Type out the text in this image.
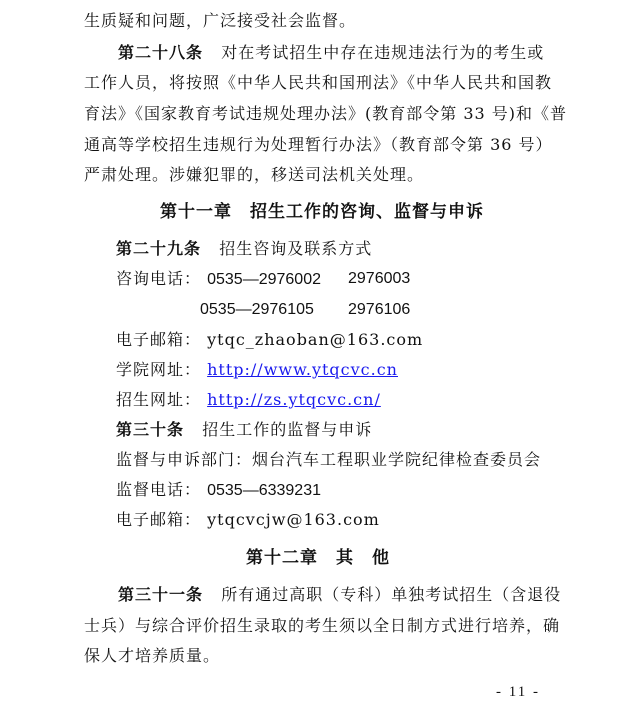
生质疑和问题，广泛接受社会监督。
第二十八条 对在考试招生中存在违规违法行为的考生或
工作人员，将按照《中华人民共和国刑法》《中华人民共和国教
育法》《国家教育考试违规处理办法》(教育部令第 33 号)和《普
通高等学校招生违规行为处理暂行办法》（教育部令第 36 号）
严肃处理。涉嫌犯罪的，移送司法机关处理。
第十一章　招生工作的咨询、监督与申诉
第二十九条 招生咨询及联系方式
咨询电话： 0535—2976002 2976003
0535—2976105 2976106
电子邮箱： ytqc_zhaoban@163.com
学院网址： http://www.ytqcvc.cn
招生网址： http://zs.ytqcvc.cn/
第三十条 招生工作的监督与申诉
监督与申诉部门：烟台汽车工程职业学院纪律检查委员会
监督电话： 0535—6339231
电子邮箱： ytqcvcjw@163.com
第十二章　其　他
第三十一条 所有通过高职（专科）单独考试招生（含退役
士兵）与综合评价招生录取的考生须以全日制方式进行培养，确
保人才培养质量。
- 11 -
